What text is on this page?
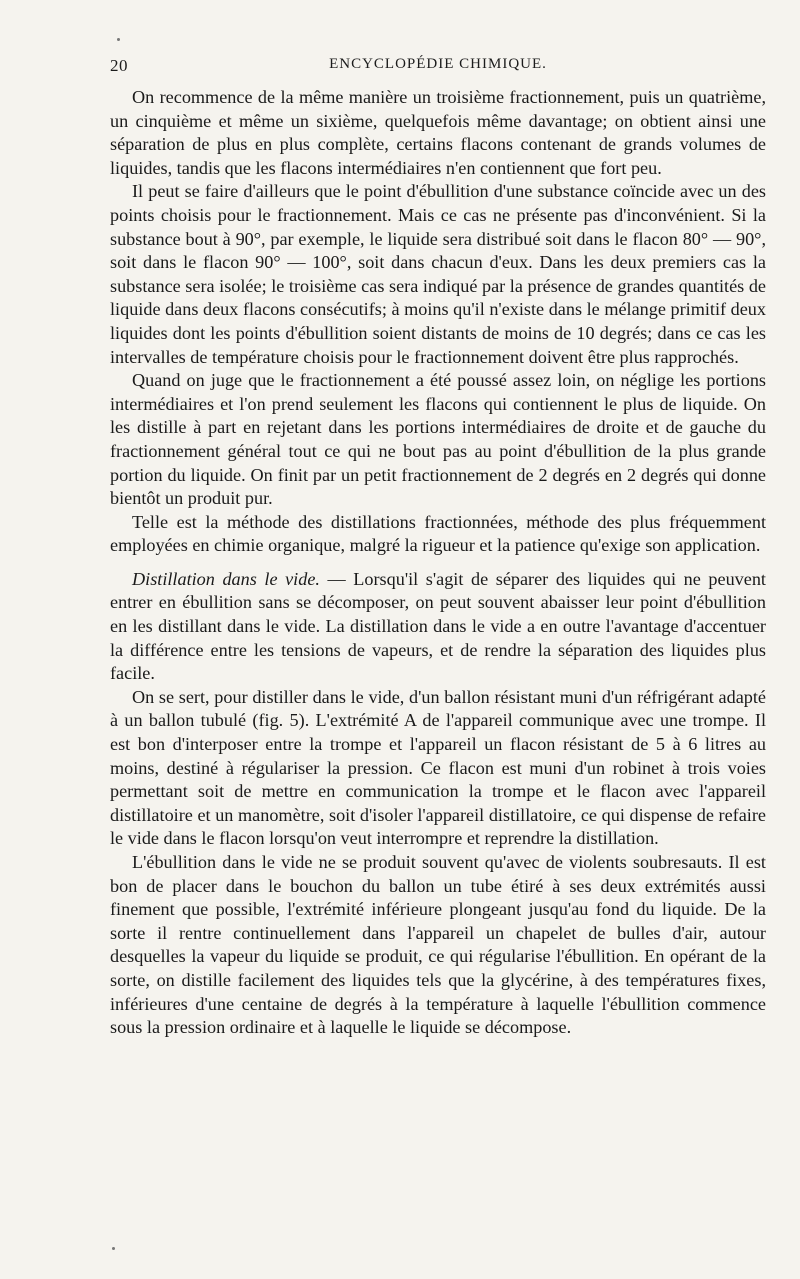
20	ENCYCLOPÉDIE CHIMIQUE.

On recommence de la même manière un troisième fractionnement, puis un quatrième, un cinquième et même un sixième, quelquefois même davantage; on obtient ainsi une séparation de plus en plus complète, certains flacons contenant de grands volumes de liquides, tandis que les flacons intermédiaires n'en contiennent que fort peu.

Il peut se faire d'ailleurs que le point d'ébullition d'une substance coïncide avec un des points choisis pour le fractionnement. Mais ce cas ne présente pas d'inconvénient. Si la substance bout à 90°, par exemple, le liquide sera distribué soit dans le flacon 80° — 90°, soit dans le flacon 90° — 100°, soit dans chacun d'eux. Dans les deux premiers cas la substance sera isolée; le troisième cas sera indiqué par la présence de grandes quantités de liquide dans deux flacons consécutifs; à moins qu'il n'existe dans le mélange primitif deux liquides dont les points d'ébullition soient distants de moins de 10 degrés; dans ce cas les intervalles de température choisis pour le fractionnement doivent être plus rapprochés.

Quand on juge que le fractionnement a été poussé assez loin, on néglige les portions intermédiaires et l'on prend seulement les flacons qui contiennent le plus de liquide. On les distille à part en rejetant dans les portions intermédiaires de droite et de gauche du fractionnement général tout ce qui ne bout pas au point d'ébullition de la plus grande portion du liquide. On finit par un petit fractionnement de 2 degrés en 2 degrés qui donne bientôt un produit pur.

Telle est la méthode des distillations fractionnées, méthode des plus fréquemment employées en chimie organique, malgré la rigueur et la patience qu'exige son application.

Distillation dans le vide. — Lorsqu'il s'agit de séparer des liquides qui ne peuvent entrer en ébullition sans se décomposer, on peut souvent abaisser leur point d'ébullition en les distillant dans le vide. La distillation dans le vide a en outre l'avantage d'accentuer la différence entre les tensions de vapeurs, et de rendre la séparation des liquides plus facile.

On se sert, pour distiller dans le vide, d'un ballon résistant muni d'un réfrigérant adapté à un ballon tubulé (fig. 5). L'extrémité A de l'appareil communique avec une trompe. Il est bon d'interposer entre la trompe et l'appareil un flacon résistant de 5 à 6 litres au moins, destiné à régulariser la pression. Ce flacon est muni d'un robinet à trois voies permettant soit de mettre en communication la trompe et le flacon avec l'appareil distillatoire et un manomètre, soit d'isoler l'appareil distillatoire, ce qui dispense de refaire le vide dans le flacon lorsqu'on veut interrompre et reprendre la distillation.

L'ébullition dans le vide ne se produit souvent qu'avec de violents soubresauts. Il est bon de placer dans le bouchon du ballon un tube étiré à ses deux extrémités aussi finement que possible, l'extrémité inférieure plongeant jusqu'au fond du liquide. De la sorte il rentre continuellement dans l'appareil un chapelet de bulles d'air, autour desquelles la vapeur du liquide se produit, ce qui régularise l'ébullition. En opérant de la sorte, on distille facilement des liquides tels que la glycérine, à des températures fixes, inférieures d'une centaine de degrés à la température à laquelle l'ébullition commence sous la pression ordinaire et à laquelle le liquide se décompose.
